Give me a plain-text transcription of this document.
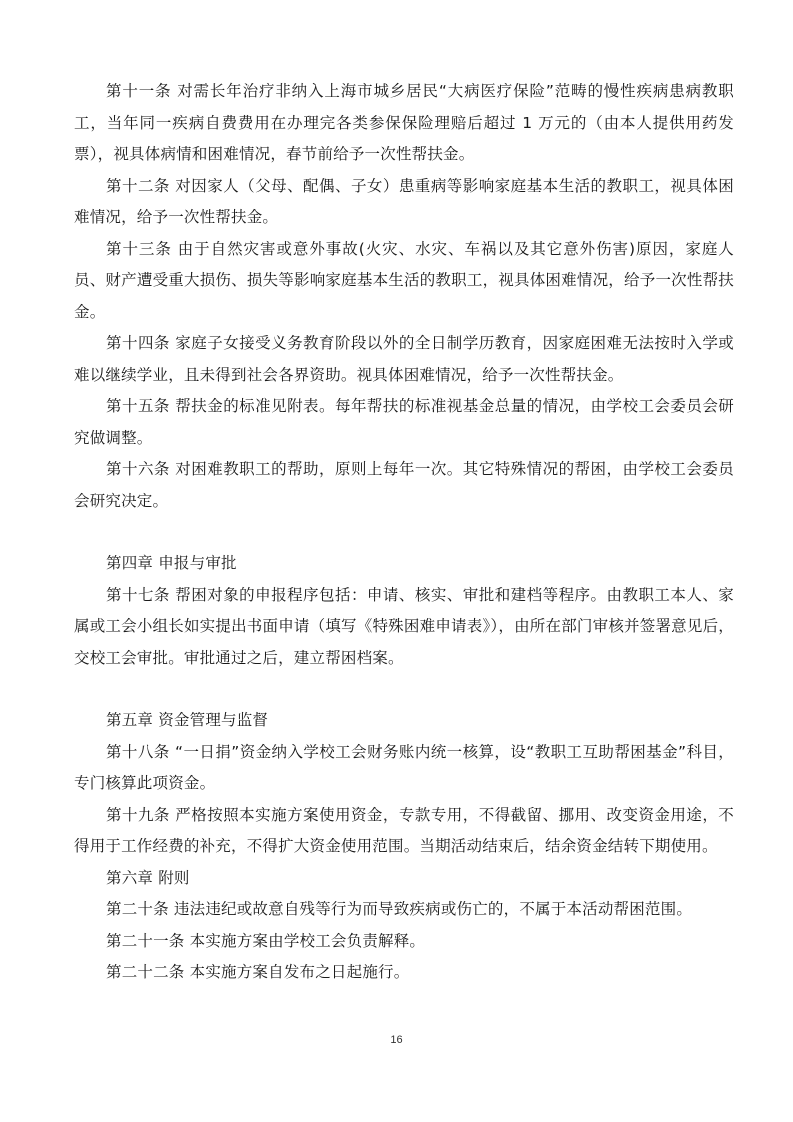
第十一条 对需长年治疗非纳入上海市城乡居民“大病医疗保险”范畴的慢性疾病患病教职工，当年同一疾病自费费用在办理完各类参保保险理赔后超过 1 万元的（由本人提供用药发票），视具体病情和困难情况，春节前给予一次性帮扶金。

第十二条 对因家人（父母、配偶、子女）患重病等影响家庭基本生活的教职工，视具体困难情况，给予一次性帮扶金。

第十三条 由于自然灾害或意外事故(火灾、水灾、车祸以及其它意外伤害)原因，家庭人员、财产遭受重大损伤、损失等影响家庭基本生活的教职工，视具体困难情况，给予一次性帮扶金。

第十四条 家庭子女接受义务教育阶段以外的全日制学历教育，因家庭困难无法按时入学或难以继续学业，且未得到社会各界资助。视具体困难情况，给予一次性帮扶金。

第十五条 帮扶金的标准见附表。每年帮扶的标准视基金总量的情况，由学校工会委员会研究做调整。

第十六条 对困难教职工的帮助，原则上每年一次。其它特殊情况的帮困，由学校工会委员会研究决定。

第四章 申报与审批

第十七条 帮困对象的申报程序包括：申请、核实、审批和建档等程序。由教职工本人、家属或工会小组长如实提出书面申请（填写《特殊困难申请表》），由所在部门审核并签署意见后，交校工会审批。审批通过之后，建立帮困档案。

第五章 资金管理与监督

第十八条 “一日捐”资金纳入学校工会财务账内统一核算，设“教职工互助帮困基金”科目，专门核算此项资金。

第十九条 严格按照本实施方案使用资金，专款专用，不得截留、挪用、改变资金用途，不得用于工作经费的补充，不得扩大资金使用范围。当期活动结束后，结余资金结转下期使用。

第六章 附则

第二十条 违法违纪或故意自残等行为而导致疾病或伤亡的，不属于本活动帮困范围。

第二十一条 本实施方案由学校工会负责解释。

第二十二条 本实施方案自发布之日起施行。

16
